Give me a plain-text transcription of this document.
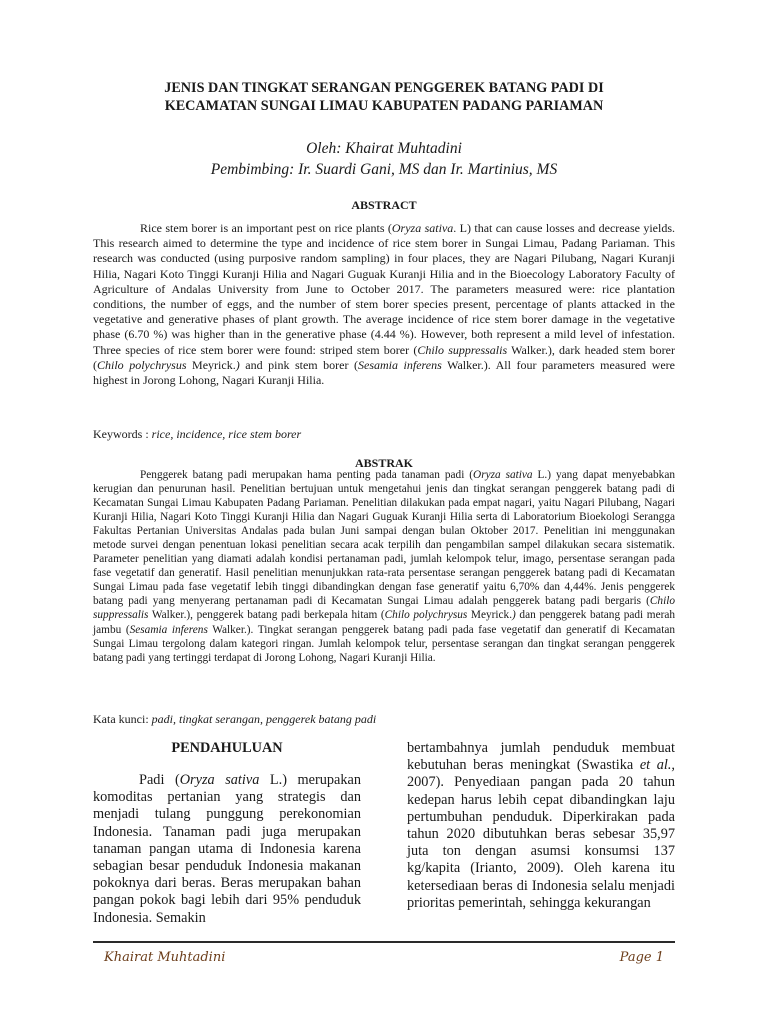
JENIS DAN TINGKAT SERANGAN PENGGEREK BATANG PADI DI
KECAMATAN SUNGAI LIMAU KABUPATEN PADANG PARIAMAN
Oleh: Khairat Muhtadini
Pembimbing: Ir. Suardi Gani, MS dan Ir. Martinius, MS
ABSTRACT

Rice stem borer is an important pest on rice plants (Oryza sativa. L) that can cause losses and decrease yields. This research aimed to determine the type and incidence of rice stem borer in Sungai Limau, Padang Pariaman. This research was conducted (using purposive random sampling) in four places, they are Nagari Pilubang, Nagari Kuranji Hilia, Nagari Koto Tinggi Kuranji Hilia and Nagari Guguak Kuranji Hilia and in the Bioecology Laboratory Faculty of Agriculture of Andalas University from June to October 2017. The parameters measured were: rice plantation conditions, the number of eggs, and the number of stem borer species present, percentage of plants attacked in the vegetative and generative phases of plant growth. The average incidence of rice stem borer damage in the vegetative phase (6.70 %) was higher than in the generative phase (4.44 %). However, both represent a mild level of infestation. Three species of rice stem borer were found: striped stem borer (Chilo suppressalis Walker.), dark headed stem borer (Chilo polychrysus Meyrick.) and pink stem borer (Sesamia inferens Walker.). All four parameters measured were highest in Jorong Lohong, Nagari Kuranji Hilia.

Keywords : rice, incidence, rice stem borer

ABSTRAK

Penggerek batang padi merupakan hama penting pada tanaman padi (Oryza sativa L.) yang dapat menyebabkan kerugian dan penurunan hasil. Penelitian bertujuan untuk mengetahui jenis dan tingkat serangan penggerek batang padi di Kecamatan Sungai Limau Kabupaten Padang Pariaman. Penelitian dilakukan pada empat nagari, yaitu Nagari Pilubang, Nagari Kuranji Hilia, Nagari Koto Tinggi Kuranji Hilia dan Nagari Guguak Kuranji Hilia serta di Laboratorium Bioekologi Serangga Fakultas Pertanian Universitas Andalas pada bulan Juni sampai dengan bulan Oktober 2017. Penelitian ini menggunakan metode survei dengan penentuan lokasi penelitian secara acak terpilih dan pengambilan sampel dilakukan secara sistematik. Parameter penelitian yang diamati adalah kondisi pertanaman padi, jumlah kelompok telur, imago, persentase serangan pada fase vegetatif dan generatif. Hasil penelitian menunjukkan rata-rata persentase serangan penggerek batang padi di Kecamatan Sungai Limau pada fase vegetatif lebih tinggi dibandingkan dengan fase generatif yaitu 6,70% dan 4,44%. Jenis penggerek batang padi yang menyerang pertanaman padi di Kecamatan Sungai Limau adalah penggerek batang padi bergaris (Chilo suppressalis Walker.), penggerek batang padi berkepala hitam (Chilo polychrysus Meyrick.) dan penggerek batang padi merah jambu (Sesamia inferens Walker.). Tingkat serangan penggerek batang padi pada fase vegetatif dan generatif di Kecamatan Sungai Limau tergolong dalam kategori ringan. Jumlah kelompok telur, persentase serangan dan tingkat serangan penggerek batang padi yang tertinggi terdapat di Jorong Lohong, Nagari Kuranji Hilia.

Kata kunci: padi, tingkat serangan, penggerek batang padi

PENDAHULUAN

Padi (Oryza sativa L.) merupakan komoditas pertanian yang strategis dan menjadi tulang punggung perekonomian Indonesia. Tanaman padi juga merupakan tanaman pangan utama di Indonesia karena sebagian besar penduduk Indonesia makanan pokoknya dari beras. Beras merupakan bahan pangan pokok bagi lebih dari 95% penduduk Indonesia. Semakin

bertambahnya jumlah penduduk membuat kebutuhan beras meningkat (Swastika et al., 2007). Penyediaan pangan pada 20 tahun kedepan harus lebih cepat dibandingkan laju pertumbuhan penduduk. Diperkirakan pada tahun 2020 dibutuhkan beras sebesar 35,97 juta ton dengan asumsi konsumsi 137 kg/kapita (Irianto, 2009). Oleh karena itu ketersediaan beras di Indonesia selalu menjadi prioritas pemerintah, sehingga kekurangan

Khairat Muhtadini	Page 1
